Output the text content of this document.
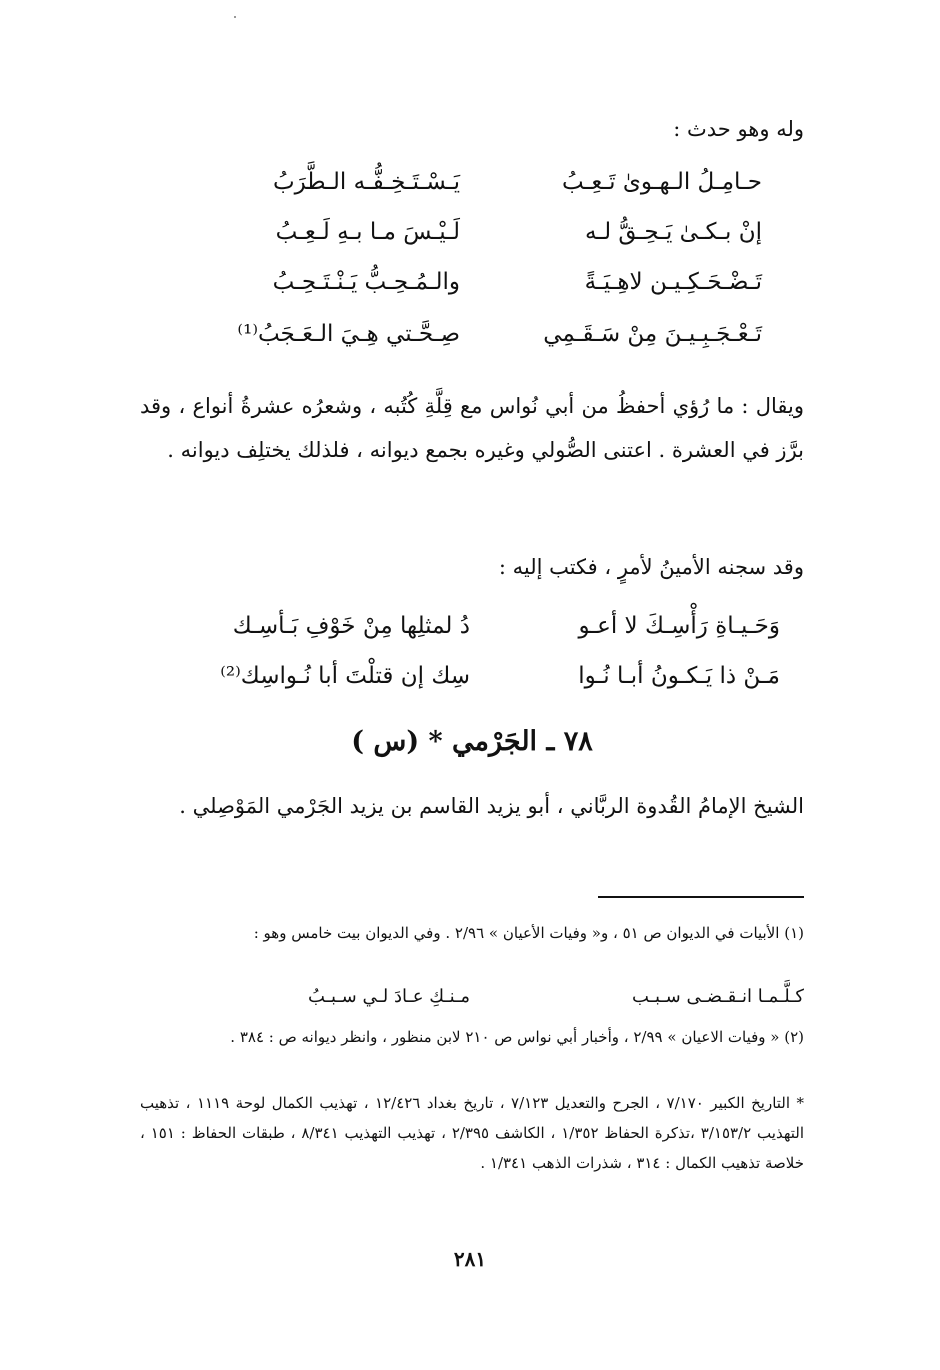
وله وهو حدث :
حـامِـلُ الـهـوىٰ تَـعِـبُ
يَـسْـتَـخِـفُّـه الـطَّرَبُ
إنْ بـكـىٰ يَـحِـقُّ لـه
لَـيْـسَ مـا بـهِ لَـعِـبُ
تَـضْـحَـكِـيـن لاهِـيَـةً
والـمُـحِـبُّ يَـنْـتَـحِـبُ
تَـعْـجَـبِـيـنَ مِنْ سَـقَـمِي
صِـحَّـتي هِـيَ الـعَـجَبُ⁽¹⁾
ويقال : ما رُؤي أحفظُ من أبي نُواس مع قِلَّةِ كُتُبه ، وشعرُه عشرةُ أنواع ، وقد برَّز في العشرة . اعتنى الصُّولي وغيره بجمع ديوانه ، فلذلك يختلِف ديوانه .
وقد سجنه الأمينُ لأمرٍ ، فكتب إليه :
وَحَـيـاةِ رَأْسِـكَ لا أعـو
دُ لمثلِها مِنْ خَوْفِ بَـأسِـك
مَـنْ ذا يَـكـونُ أبـا نُـوا
سِك إن قتلْتَ أبا نُـواسِك⁽²⁾
٧٨ ـ الجَرْمي * (س )
الشيخ الإمامُ القُدوة الربَّاني ، أبو يزيد القاسم بن يزيد الجَرْمي المَوْصِلي .
(١) الأبيات في الديوان ص ٥١ ، و« وفيات الأعيان » ٢/٩٦ . وفي الديوان بيت خامس وهو :
كـلَّـمـا انـقـضـى سـبـب
مـنـكِ عـادَ لـي سـبـبُ
(٢) « وفيات الاعيان » ٢/٩٩ ، وأخبار أبي نواس ص ٢١٠ لابن منظور ، وانظر ديوانه ص : ٣٨٤ .
* التاريخ الكبير ٧/١٧٠ ، الجرح والتعديل ٧/١٢٣ ، تاريخ بغداد ١٢/٤٢٦ ، تهذيب الكمال لوحة ١١١٩ ، تذهيب التهذيب ٣/١٥٣/٢ ،تذكرة الحفاظ ١/٣٥٢ ، الكاشف ٢/٣٩٥ ، تهذيب التهذيب ٨/٣٤١ ، طبقات الحفاظ : ١٥١ ، خلاصة تذهيب الكمال : ٣١٤ ، شذرات الذهب ١/٣٤١ .
٢٨١
